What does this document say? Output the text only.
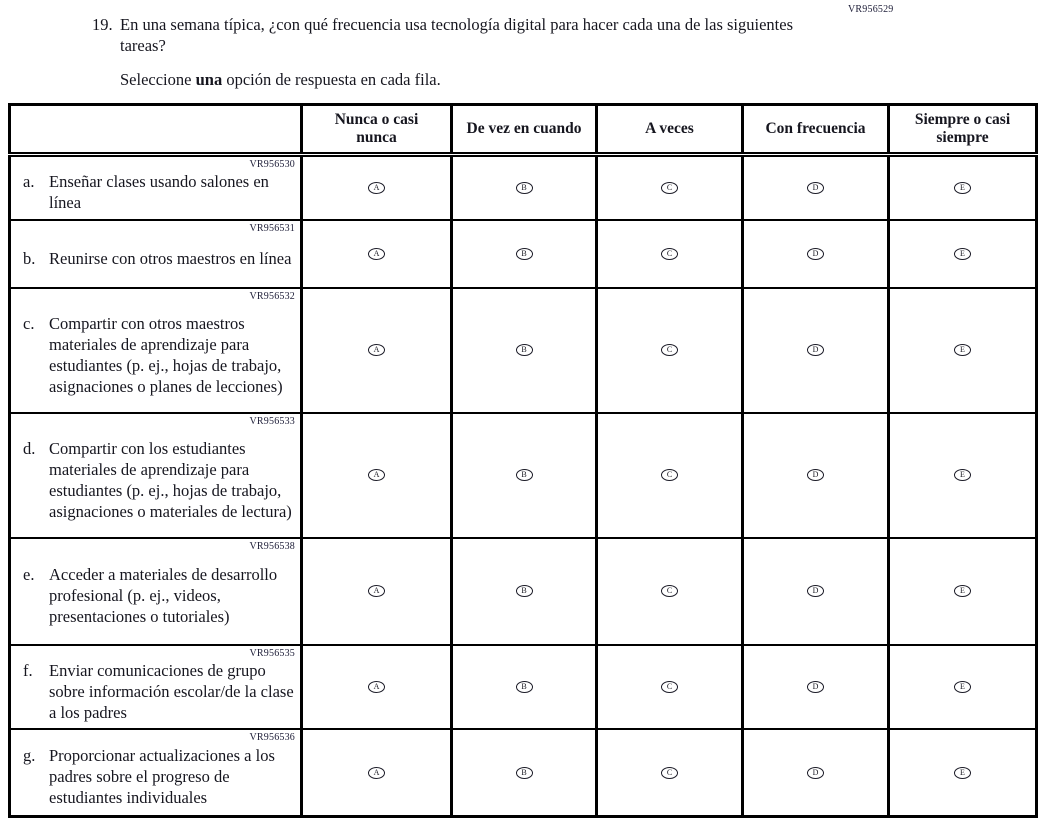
VR956529
19. En una semana típica, ¿con qué frecuencia usa tecnología digital para hacer cada una de las siguientes tareas?

Seleccione una opción de respuesta en cada fila.

	Nunca o casi nunca	De vez en cuando	A veces	Con frecuencia	Siempre o casi siempre

VR956530
a. Enseñar clases usando salones en línea	A	B	C	D	E

VR956531
b. Reunirse con otros maestros en línea	A	B	C	D	E

VR956532
c. Compartir con otros maestros materiales de aprendizaje para estudiantes (p. ej., hojas de trabajo, asignaciones o planes de lecciones)	A	B	C	D	E

VR956533
d. Compartir con los estudiantes materiales de aprendizaje para estudiantes (p. ej., hojas de trabajo, asignaciones o materiales de lectura)	A	B	C	D	E

VR956538
e. Acceder a materiales de desarrollo profesional (p. ej., videos, presentaciones o tutoriales)	A	B	C	D	E

VR956535
f. Enviar comunicaciones de grupo sobre información escolar/de la clase a los padres	A	B	C	D	E

VR956536
g. Proporcionar actualizaciones a los padres sobre el progreso de estudiantes individuales	A	B	C	D	E
